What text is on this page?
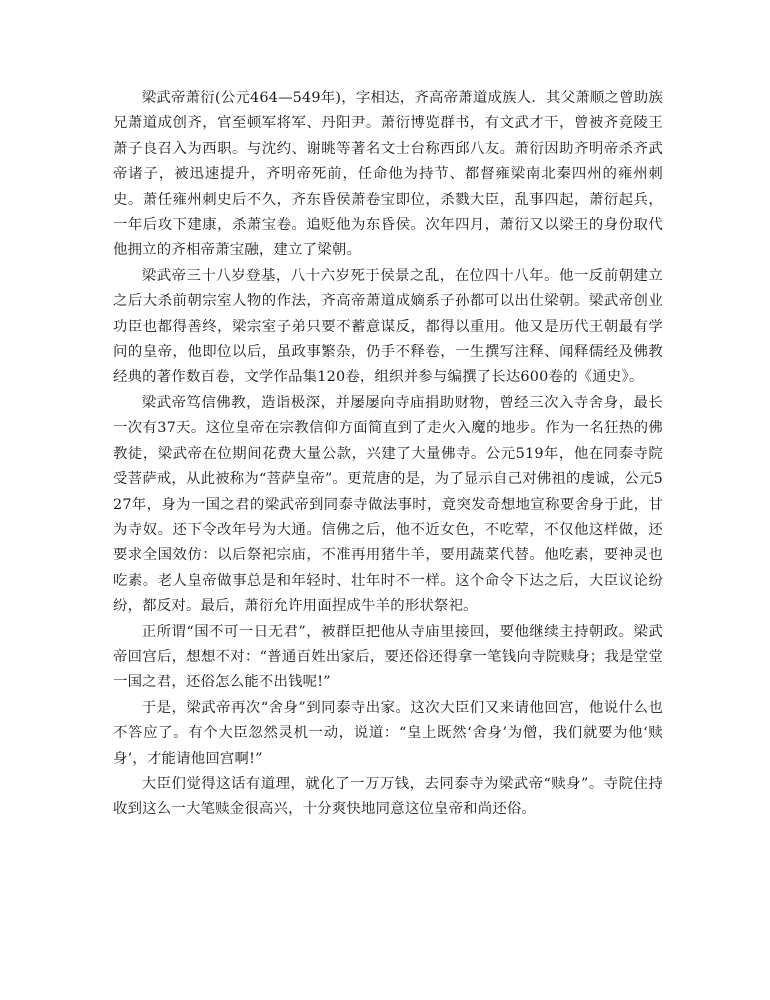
梁武帝萧衍(公元464—549年)，字相达，齐高帝萧道成族人．其父萧顺之曾助族兄萧道成创齐，官至顿军将军、丹阳尹。萧衍博览群书，有文武才干，曾被齐竞陵王萧子良召入为西职。与沈约、谢眺等著名文士台称西邱八友。萧衍因助齐明帝杀齐武帝诸子，被迅速提升，齐明帝死前，任命他为持节、都督雍梁南北秦四州的雍州刺史。萧任雍州刺史后不久，齐东昏侯萧卷宝即位，杀戮大臣，乱事四起，萧衍起兵，一年后攻下建康，杀萧宝卷。追贬他为东昏侯。次年四月，萧衍又以梁王的身份取代他拥立的齐相帝萧宝融，建立了梁朝。

梁武帝三十八岁登基，八十六岁死于侯景之乱，在位四十八年。他一反前朝建立之后大杀前朝宗室人物的作法，齐高帝萧道成嫡系子孙都可以出仕梁朝。梁武帝创业功臣也都得善终，梁宗室子弟只要不蓄意谋反，都得以重用。他又是历代王朝最有学问的皇帝，他即位以后，虽政事繁杂，仍手不释卷，一生撰写注释、闻释儒经及佛教经典的著作数百卷，文学作品集120卷，组织并参与编撰了长达600卷的《通史》。

梁武帝笃信佛教，造诣极深，并屡屡向寺庙捐助财物，曾经三次入寺舍身，最长一次有37天。这位皇帝在宗教信仰方面简直到了走火入魔的地步。作为一名狂热的佛教徒，梁武帝在位期间花费大量公款，兴建了大量佛寺。公元519年，他在同泰寺院受菩萨戒，从此被称为“菩萨皇帝”。更荒唐的是，为了显示自己对佛祖的虔诚，公元527年，身为一国之君的梁武帝到同泰寺做法事时，竟突发奇想地宣称要舍身于此，甘为寺奴。还下令改年号为大通。信佛之后，他不近女色，不吃荤，不仅他这样做，还要求全国效仿：以后祭祀宗庙，不准再用猪牛羊，要用蔬菜代替。他吃素，要神灵也吃素。老人皇帝做事总是和年轻时、壮年时不一样。这个命令下达之后，大臣议论纷纷，都反对。最后，萧衍允许用面捏成牛羊的形状祭祀。

正所谓“国不可一日无君”，被群臣把他从寺庙里接回，要他继续主持朝政。梁武帝回宫后，想想不对：“普通百姓出家后，要还俗还得拿一笔钱向寺院赎身；我是堂堂一国之君，还俗怎么能不出钱呢!”

于是，梁武帝再次“舍身”到同泰寺出家。这次大臣们又来请他回宫，他说什么也不答应了。有个大臣忽然灵机一动，说道：“皇上既然‘舍身’为僧，我们就要为他‘赎身’，才能请他回宫啊!”

大臣们觉得这话有道理，就化了一万万钱，去同泰寺为梁武帝“赎身”。寺院住持收到这么一大笔赎金很高兴，十分爽快地同意这位皇帝和尚还俗。
